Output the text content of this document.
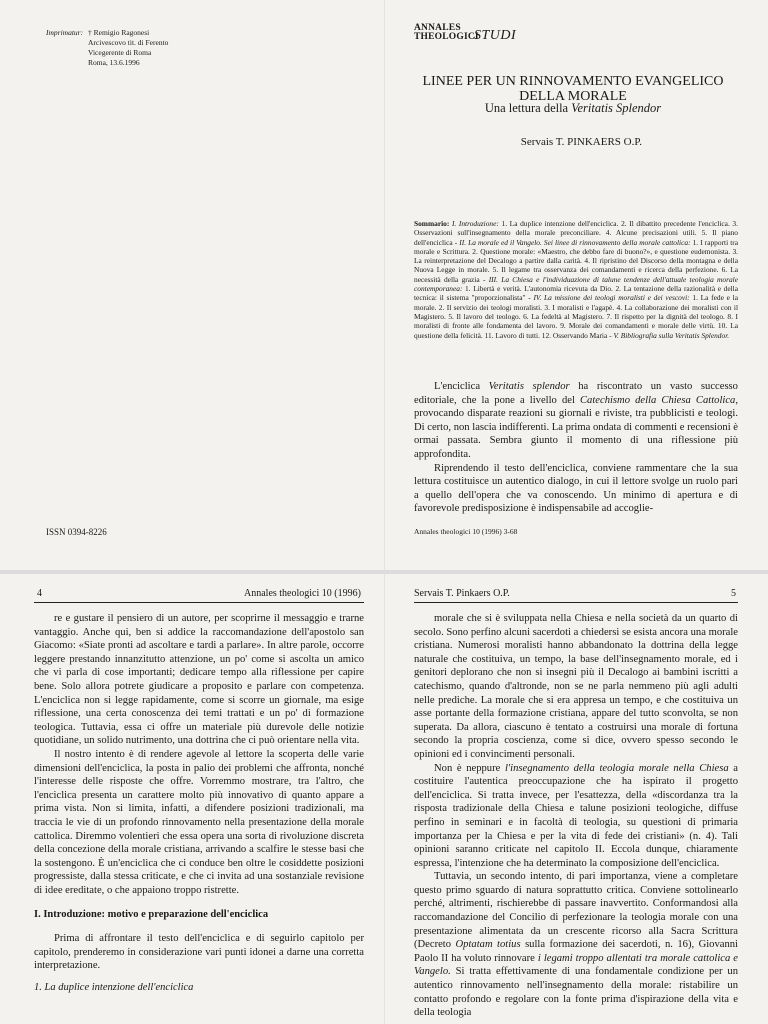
Imprimatur: † Remigio Ragonesi
Arcivescovo tit. di Ferento
Vicegerente di Roma
Roma, 13.6.1996
ANNALES
THEOLOGICI
STUDI
LINEE PER UN RINNOVAMENTO EVANGELICO
DELLA MORALE
Una lettura della Veritatis Splendor
Servais T. PINKAERS O.P.
Sommario: I. Introduzione: 1. La duplice intenzione dell'enciclica. 2. Il dibattito precedente l'enciclica. 3. Osservazioni sull'insegnamento della morale preconciliare. 4. Alcune precisazioni utili. 5. Il piano dell'enciclica - II. La morale ed il Vangelo. Sei linee di rinnovamento della morale cattolica: 1. I rapporti tra morale e Scrittura. 2. Questione morale: «Maestro, che debbo fare di buono?», e questione eudemonista. 3. La reinterpretazione del Decalogo a partire dalla carità. 4. Il ripristino del Discorso della montagna e della Nuova Legge in morale. 5. Il legame tra osservanza dei comandamenti e ricerca della perfezione. 6. La necessità della grazia - III. La Chiesa e l'individuazione di talune tendenze dell'attuale teologia morale contemporanea: 1. Libertà e verità. L'autonomia ricevuta da Dio. 2. La tentazione della razionalità e della tecnica: il sistema "proporzionalista" - IV. La missione dei teologi moralisti e dei vescovi: 1. La fede e la morale. 2. Il servizio dei teologi moralisti. 3. I moralisti e l'agapè. 4. La collaborazione dei moralisti con il Magistero. 5. Il lavoro del teologo. 6. La fedeltà al Magistero. 7. Il rispetto per la dignità del teologo. 8. I moralisti di fronte alle fondamenta del lavoro. 9. Morale dei comandamenti e morale delle virtù. 10. La questione della felicità. 11. Lavoro di tutti. 12. Osservando Maria - V. Bibliografia sulla Veritatis Splendor.

L'enciclica Veritatis splendor ha riscontrato un vasto successo editoriale, che la pone a livello del Catechismo della Chiesa Cattolica, provocando disparate reazioni su giornali e riviste, tra pubblicisti e teologi. Di certo, non lascia indifferenti. La prima ondata di commenti e recensioni è ormai passata. Sembra giunto il momento di una riflessione più approfondita.

Riprendendo il testo dell'enciclica, conviene rammentare che la sua lettura costituisce un autentico dialogo, in cui il lettore svolge un ruolo pari a quello dell'opera che va conoscendo. Un minimo di apertura e di favorevole predisposizione è indispensabile ad accoglie-

ISSN 0394-8226	Annales theologici 10 (1996) 3-68
4	Annales theologici 10 (1996)	Servais T. Pinkaers O.P.	5

re e gustare il pensiero di un autore, per scoprirne il messaggio e trarne vantaggio. Anche qui, ben si addice la raccomandazione dell'apostolo san Giacomo: «Siate pronti ad ascoltare e tardi a parlare». In altre parole, occorre leggere prestando innanzitutto attenzione, un po' come si ascolta un amico che vi parla di cose importanti; dedicare tempo alla riflessione per capire bene. Solo allora potrete giudicare a proposito e parlare con competenza. L'enciclica non si legge rapidamente, come si scorre un giornale, ma esige riflessione, una certa conoscenza dei temi trattati e un po' di formazione teologica. Tuttavia, essa ci offre un materiale più durevole delle notizie quotidiane, un solido nutrimento, una dottrina che ci può orientare nella vita.

Il nostro intento è di rendere agevole al lettore la scoperta delle varie dimensioni dell'enciclica, la posta in palio dei problemi che affronta, nonché l'interesse delle risposte che offre. Vorremmo mostrare, tra l'altro, che l'enciclica presenta un carattere molto più innovativo di quanto appare a prima vista. Non si limita, infatti, a difendere posizioni tradizionali, ma traccia le vie di un profondo rinnovamento nella presentazione della morale cattolica. Diremmo volentieri che essa opera una sorta di rivoluzione discreta della concezione della morale cristiana, arrivando a scalfire le stesse basi che la sostengono. È un'enciclica che ci conduce ben oltre le cosiddette posizioni progressiste, dalla stessa criticate, e che ci invita ad una sostanziale revisione di idee ereditate, o che appaiono troppo ristrette.

I. Introduzione: motivo e preparazione dell'enciclica

Prima di affrontare il testo dell'enciclica e di seguirlo capitolo per capitolo, prenderemo in considerazione vari punti idonei a darne una corretta interpretazione.

1. La duplice intenzione dell'enciclica

morale che si è sviluppata nella Chiesa e nella società da un quarto di secolo. Sono perfino alcuni sacerdoti a chiedersi se esista ancora una morale cristiana. Numerosi moralisti hanno abbandonato la dottrina della legge naturale che costituiva, un tempo, la base dell'insegnamento morale, ed i genitori deplorano che non si insegni più il Decalogo ai bambini iscritti a catechismo, quando d'altronde, non se ne parla nemmeno più agli adulti nelle prediche. La morale che si era appresa un tempo, e che costituiva un asse portante della formazione cristiana, appare del tutto sconvolta, se non superata. Da allora, ciascuno è tentato a costruirsi una morale di fortuna secondo la propria coscienza, come si dice, ovvero spesso secondo le opinioni ed i convincimenti personali.

Non è neppure l'insegnamento della teologia morale nella Chiesa a costituire l'autentica preoccupazione che ha ispirato il progetto dell'enciclica. Si tratta invece, per l'esattezza, della «discordanza tra la risposta tradizionale della Chiesa e talune posizioni teologiche, diffuse perfino in seminari e in facoltà di teologia, su questioni di primaria importanza per la Chiesa e per la vita di fede dei cristiani» (n. 4). Tali opinioni saranno criticate nel capitolo II. Eccola dunque, chiaramente espressa, l'intenzione che ha determinato la composizione dell'enciclica.

Tuttavia, un secondo intento, di pari importanza, viene a completare questo primo sguardo di natura soprattutto critica. Conviene sottolinearlo perché, altrimenti, rischierebbe di passare inavvertito. Conformandosi alla raccomandazione del Concilio di perfezionare la teologia morale con una presentazione alimentata da un crescente ricorso alla Sacra Scrittura (Decreto Optatam totius sulla formazione dei sacerdoti, n. 16), Giovanni Paolo II ha voluto rinnovare i legami troppo allentati tra morale cattolica e Vangelo. Si tratta effettivamente di una fondamentale condizione per un autentico rinnovamento nell'insegnamento della morale: ristabilire un contatto profondo e regolare con la fonte prima d'ispirazione della vita e della teologia
